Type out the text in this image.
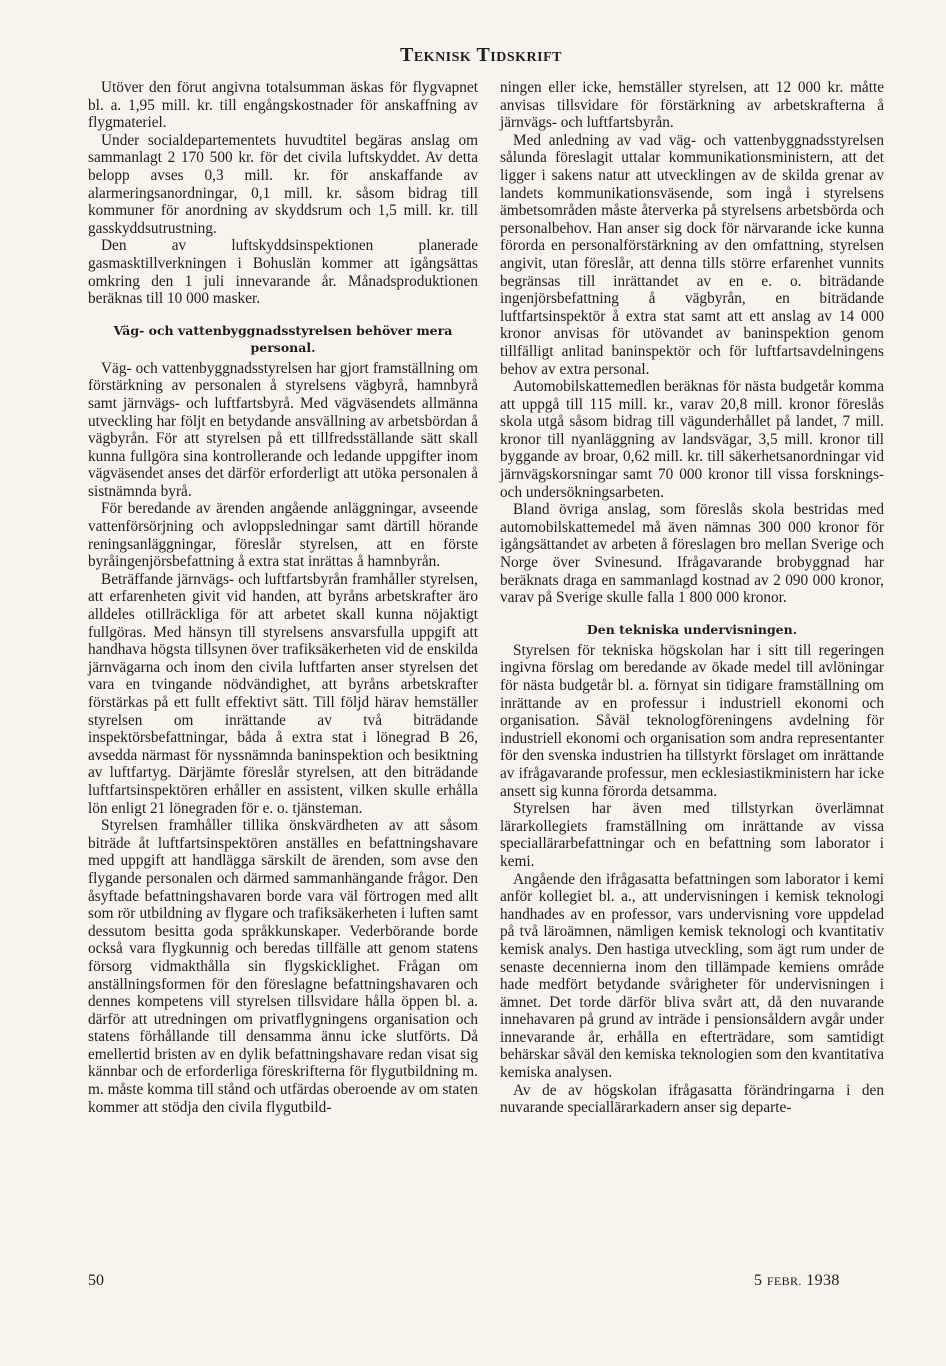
Teknisk Tidskrift

Utöver den förut angivna totalsumman äskas för flygvapnet bl. a. 1,95 mill. kr. till engångskostnader för anskaffning av flygmateriel.

Under socialdepartementets huvudtitel begäras anslag om sammanlagt 2 170 500 kr. för det civila luftskyddet. Av detta belopp avses 0,3 mill. kr. för anskaffande av alarmeringsanordningar, 0,1 mill. kr. såsom bidrag till kommuner för anordning av skyddsrum och 1,5 mill. kr. till gasskyddsutrustning.

Den av luftskyddsinspektionen planerade gasmasktillverkningen i Bohuslän kommer att igångsättas omkring den 1 juli innevarande år. Månadsproduktionen beräknas till 10 000 masker.

Väg- och vattenbyggnadsstyrelsen behöver mera personal.

Väg- och vattenbyggnadsstyrelsen har gjort framställning om förstärkning av personalen å styrelsens vägbyrå, hamnbyrå samt järnvägs- och luftfartsbyrå. Med vägväsendets allmänna utveckling har följt en betydande ansvällning av arbetsbördan å vägbyrån. För att styrelsen på ett tillfredsställande sätt skall kunna fullgöra sina kontrollerande och ledande uppgifter inom vägväsendet anses det därför erforderligt att utöka personalen å sistnämnda byrå.

För beredande av ärenden angående anläggningar, avseende vattenförsörjning och avloppsledningar samt därtill hörande reningsanläggningar, föreslår styrelsen, att en förste byråingenjörsbefattning å extra stat inrättas å hamnbyrån.

Beträffande järnvägs- och luftfartsbyrån framhåller styrelsen, att erfarenheten givit vid handen, att byråns arbetskrafter äro alldeles otillräckliga för att arbetet skall kunna nöjaktigt fullgöras. Med hänsyn till styrelsens ansvarsfulla uppgift att handhava högsta tillsynen över trafiksäkerheten vid de enskilda järnvägarna och inom den civila luftfarten anser styrelsen det vara en tvingande nödvändighet, att byråns arbetskrafter förstärkas på ett fullt effektivt sätt. Till följd härav hemställer styrelsen om inrättande av två biträdande inspektörsbefattningar, båda å extra stat i lönegrad B 26, avsedda närmast för nyssnämnda baninspektion och besiktning av luftfartyg. Därjämte föreslår styrelsen, att den biträdande luftfartsinspektören erhåller en assistent, vilken skulle erhålla lön enligt 21 lönegraden för e. o. tjänsteman.

Styrelsen framhåller tillika önskvärdheten av att såsom biträde åt luftfartsinspektören anställes en befattningshavare med uppgift att handlägga särskilt de ärenden, som avse den flygande personalen och därmed sammanhängande frågor. Den åsyftade befattningshavaren borde vara väl förtrogen med allt som rör utbildning av flygare och trafiksäkerheten i luften samt dessutom besitta goda språkkunskaper. Vederbörande borde också vara flygkunnig och beredas tillfälle att genom statens försorg vidmakthålla sin flygskicklighet. Frågan om anställningsformen för den föreslagne befattningshavaren och dennes kompetens vill styrelsen tillsvidare hålla öppen bl. a. därför att utredningen om privatflygningens organisation och statens förhållande till densamma ännu icke slutförts. Då emellertid bristen av en dylik befattningshavare redan visat sig kännbar och de erforderliga föreskrifterna för flygutbildning m. m. måste komma till stånd och utfärdas oberoende av om staten kommer att stödja den civila flygutbild-

ningen eller icke, hemställer styrelsen, att 12 000 kr. måtte anvisas tillsvidare för förstärkning av arbetskrafterna å järnvägs- och luftfartsbyrån.

Med anledning av vad väg- och vattenbyggnadsstyrelsen sålunda föreslagit uttalar kommunikationsministern, att det ligger i sakens natur att utvecklingen av de skilda grenar av landets kommunikationsväsende, som ingå i styrelsens ämbetsområden måste återverka på styrelsens arbetsbörda och personalbehov. Han anser sig dock för närvarande icke kunna förorda en personalförstärkning av den omfattning, styrelsen angivit, utan föreslår, att denna tills större erfarenhet vunnits begränsas till inrättandet av en e. o. biträdande ingenjörsbefattning å vägbyrån, en biträdande luftfartsinspektör å extra stat samt att ett anslag av 14 000 kronor anvisas för utövandet av baninspektion genom tillfälligt anlitad baninspektör och för luftfartsavdelningens behov av extra personal.

Automobilskattemedlen beräknas för nästa budgetår komma att uppgå till 115 mill. kr., varav 20,8 mill. kronor föreslås skola utgå såsom bidrag till vägunderhållet på landet, 7 mill. kronor till nyanläggning av landsvägar, 3,5 mill. kronor till byggande av broar, 0,62 mill. kr. till säkerhetsanordningar vid järnvägskorsningar samt 70 000 kronor till vissa forsknings- och undersökningsarbeten.

Bland övriga anslag, som föreslås skola bestridas med automobilskattemedel må även nämnas 300 000 kronor för igångsättandet av arbeten å föreslagen bro mellan Sverige och Norge över Svinesund. Ifrågavarande brobyggnad har beräknats draga en sammanlagd kostnad av 2 090 000 kronor, varav på Sverige skulle falla 1 800 000 kronor.

Den tekniska undervisningen.

Styrelsen för tekniska högskolan har i sitt till regeringen ingivna förslag om beredande av ökade medel till avlöningar för nästa budgetår bl. a. förnyat sin tidigare framställning om inrättande av en professur i industriell ekonomi och organisation. Såväl teknologföreningens avdelning för industriell ekonomi och organisation som andra representanter för den svenska industrien ha tillstyrkt förslaget om inrättande av ifrågavarande professur, men ecklesiastikministern har icke ansett sig kunna förorda detsamma.

Styrelsen har även med tillstyrkan överlämnat lärarkollegiets framställning om inrättande av vissa speciallärarbefattningar och en befattning som laborator i kemi.

Angående den ifrågasatta befattningen som laborator i kemi anför kollegiet bl. a., att undervisningen i kemisk teknologi handhades av en professor, vars undervisning vore uppdelad på två läroämnen, nämligen kemisk teknologi och kvantitativ kemisk analys. Den hastiga utveckling, som ägt rum under de senaste decennierna inom den tillämpade kemiens område hade medfört betydande svårigheter för undervisningen i ämnet. Det torde därför bliva svårt att, då den nuvarande innehavaren på grund av inträde i pensionsåldern avgår under innevarande år, erhålla en efterträdare, som samtidigt behärskar såväl den kemiska teknologien som den kvantitativa kemiska analysen.

Av de av högskolan ifrågasatta förändringarna i den nuvarande speciallärarkadern anser sig departe-

50	5 FEBR. 1938
